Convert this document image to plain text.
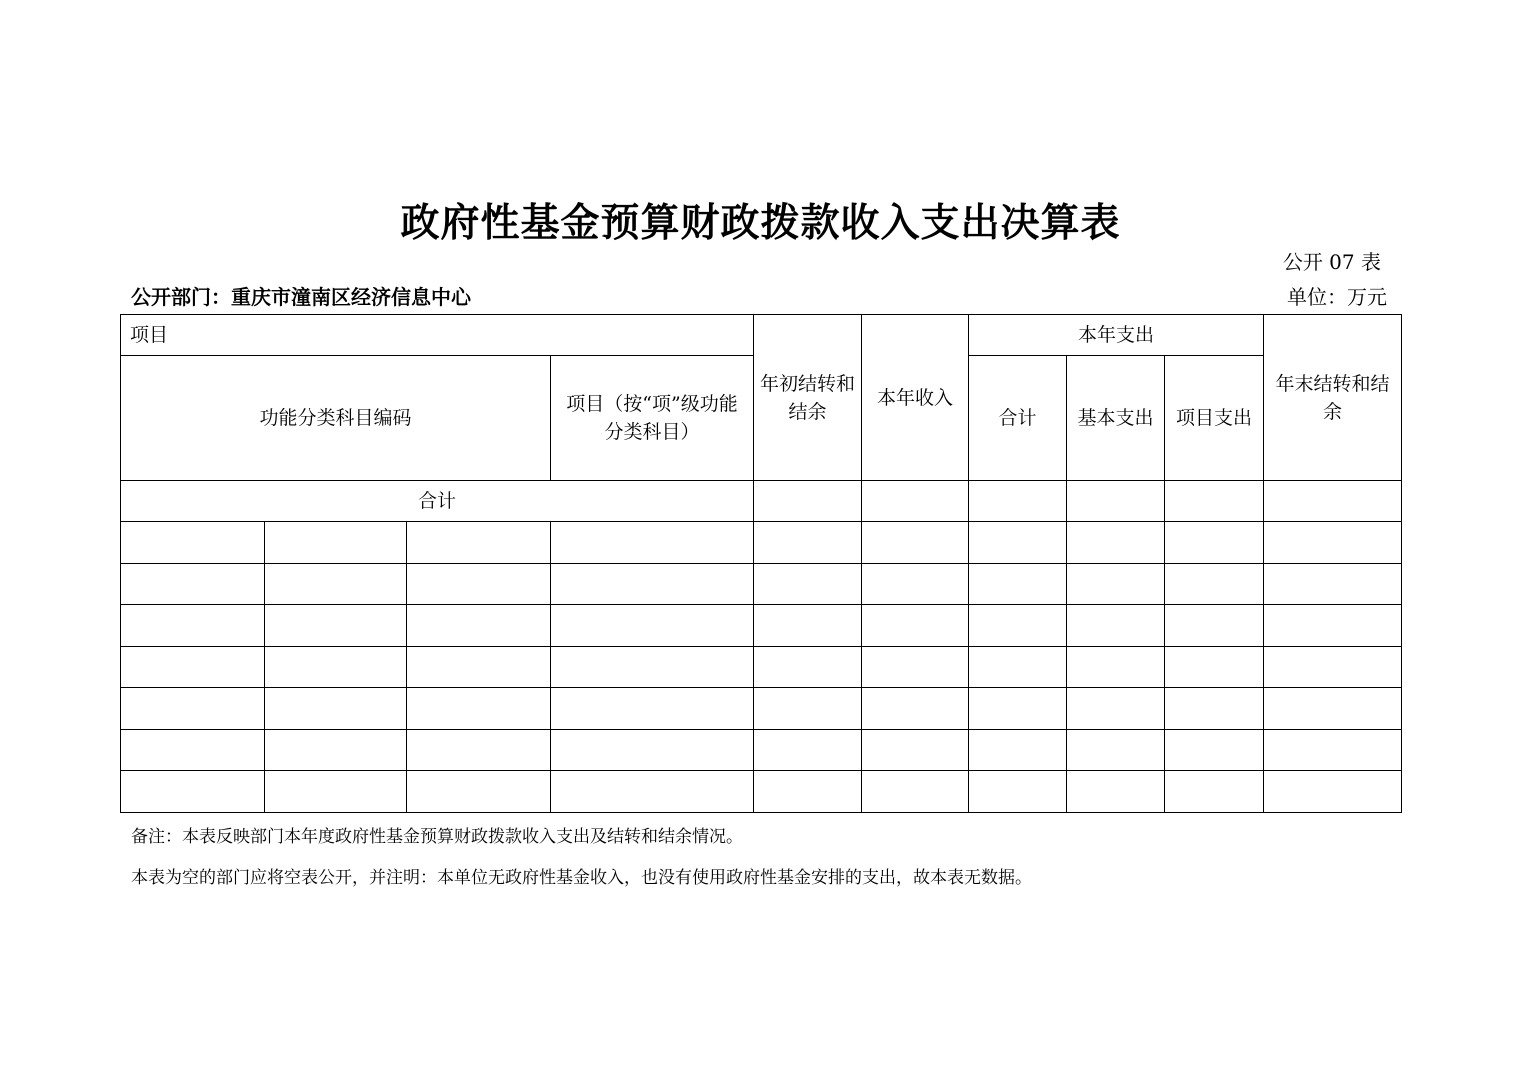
政府性基金预算财政拨款收入支出决算表
公开 07 表
公开部门：重庆市潼南区经济信息中心	单位：万元
项目				年初结转和结余	本年收入	本年支出			年末结转和结余
功能分类科目编码			项目（按“项”级功能分类科目）			合计	基本支出	项目支出	
合计									

备注：本表反映部门本年度政府性基金预算财政拨款收入支出及结转和结余情况。
本表为空的部门应将空表公开，并注明：本单位无政府性基金收入，也没有使用政府性基金安排的支出，故本表无数据。
